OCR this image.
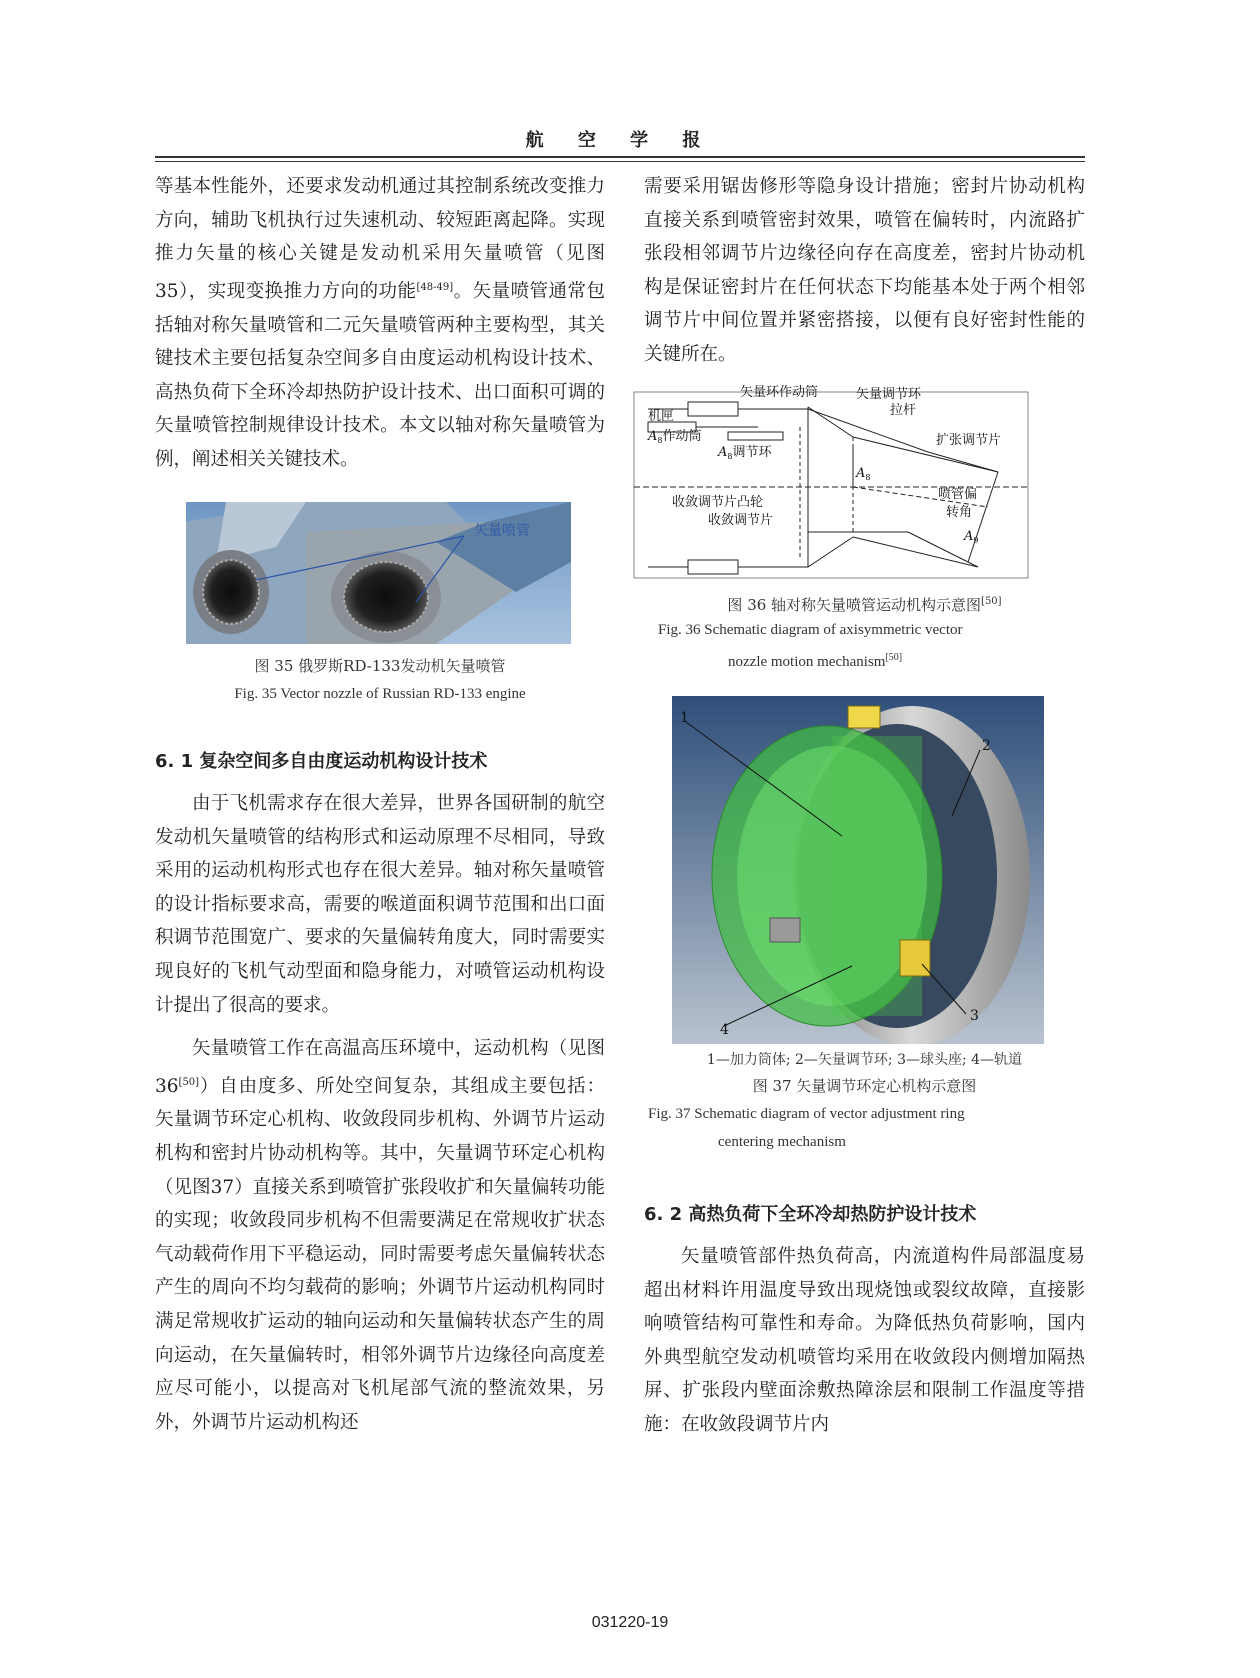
航 空 学 报

等基本性能外，还要求发动机通过其控制系统改变推力方向，辅助飞机执行过失速机动、较短距离起降。实现推力矢量的核心关键是发动机采用矢量喷管（见图35），实现变换推力方向的功能[48-49]。矢量喷管通常包括轴对称矢量喷管和二元矢量喷管两种主要构型，其关键技术主要包括复杂空间多自由度运动机构设计技术、高热负荷下全环冷却热防护设计技术、出口面积可调的矢量喷管控制规律设计技术。本文以轴对称矢量喷管为例，阐述相关关键技术。

矢量喷管
图 35 俄罗斯RD-133发动机矢量喷管
Fig. 35 Vector nozzle of Russian RD-133 engine
6. 1 复杂空间多自由度运动机构设计技术

由于飞机需求存在很大差异，世界各国研制的航空发动机矢量喷管的结构形式和运动原理不尽相同，导致采用的运动机构形式也存在很大差异。轴对称矢量喷管的设计指标要求高，需要的喉道面积调节范围和出口面积调节范围宽广、要求的矢量偏转角度大，同时需要实现良好的飞机气动型面和隐身能力，对喷管运动机构设计提出了很高的要求。

矢量喷管工作在高温高压环境中，运动机构（见图36[50]）自由度多、所处空间复杂，其组成主要包括：矢量调节环定心机构、收敛段同步机构、外调节片运动机构和密封片协动机构等。其中，矢量调节环定心机构（见图37）直接关系到喷管扩张段收扩和矢量偏转功能的实现；收敛段同步机构不但需要满足在常规收扩状态气动载荷作用下平稳运动，同时需要考虑矢量偏转状态产生的周向不均匀载荷的影响；外调节片运动机构同时满足常规收扩运动的轴向运动和矢量偏转状态产生的周向运动，在矢量偏转时，相邻外调节片边缘径向高度差应尽可能小，以提高对飞机尾部气流的整流效果，另外，外调节片运动机构还

需要采用锯齿修形等隐身设计措施；密封片协动机构直接关系到喷管密封效果，喷管在偏转时，内流路扩张段相邻调节片边缘径向存在高度差，密封片协动机构是保证密封片在任何状态下均能基本处于两个相邻调节片中间位置并紧密搭接，以便有良好密封性能的关键所在。

矢量环作动筒	矢量调节环
拉杆
机匣
$A_8$作动筒
$A_8$调节环
扩张调节片
$A_8$
喷管偏
转角
收敛调节片凸轮
收敛调节片
$A_9$
图 36 轴对称矢量喷管运动机构示意图[50]
Fig. 36 Schematic diagram of axisymmetric vector
nozzle motion mechanism[50]
1
2
3
4
1—加力筒体; 2—矢量调节环; 3—球头座; 4—轨道
图 37 矢量调节环定心机构示意图
Fig. 37 Schematic diagram of vector adjustment ring
centering mechanism
6. 2 高热负荷下全环冷却热防护设计技术

矢量喷管部件热负荷高，内流道构件局部温度易超出材料许用温度导致出现烧蚀或裂纹故障，直接影响喷管结构可靠性和寿命。为降低热负荷影响，国内外典型航空发动机喷管均采用在收敛段内侧增加隔热屏、扩张段内壁面涂敷热障涂层和限制工作温度等措施：在收敛段调节片内

031220-19
